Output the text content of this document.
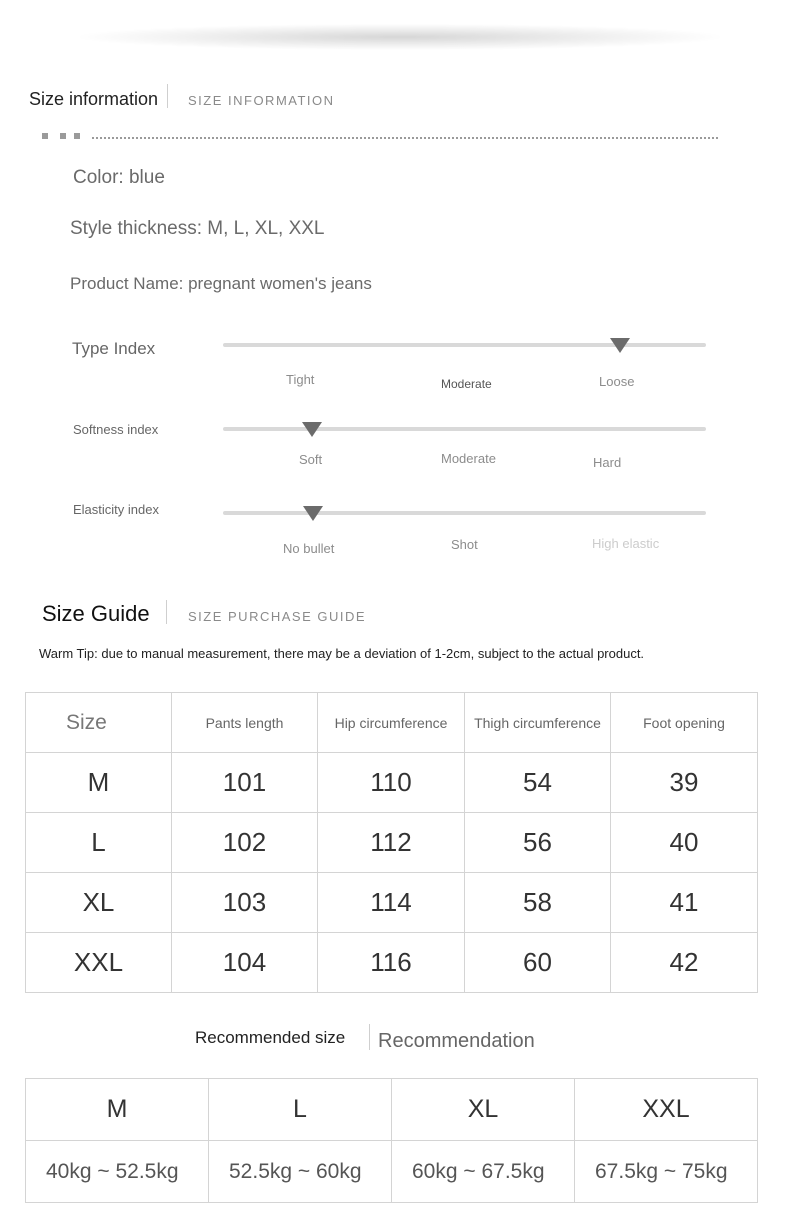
Size information SIZE INFORMATION
Color: blue
Style thickness: M, L, XL, XXL
Product Name: pregnant women's jeans
Type Index
Tight	Moderate	Loose
Softness index
Soft	Moderate	Hard
Elasticity index
No bullet	Shot	High elastic
Size Guide	SIZE PURCHASE GUIDE
Warm Tip: due to manual measurement, there may be a deviation of 1-2cm, subject to the actual product.
Size	Pants length	Hip circumference	Thigh circumference	Foot opening
M	101	110	54	39
L	102	112	56	40
XL	103	114	58	41
XXL	104	116	60	42
Recommended size Recommendation
M	L	XL	XXL
40kg ~ 52.5kg	52.5kg ~ 60kg	60kg ~ 67.5kg	67.5kg ~ 75kg
